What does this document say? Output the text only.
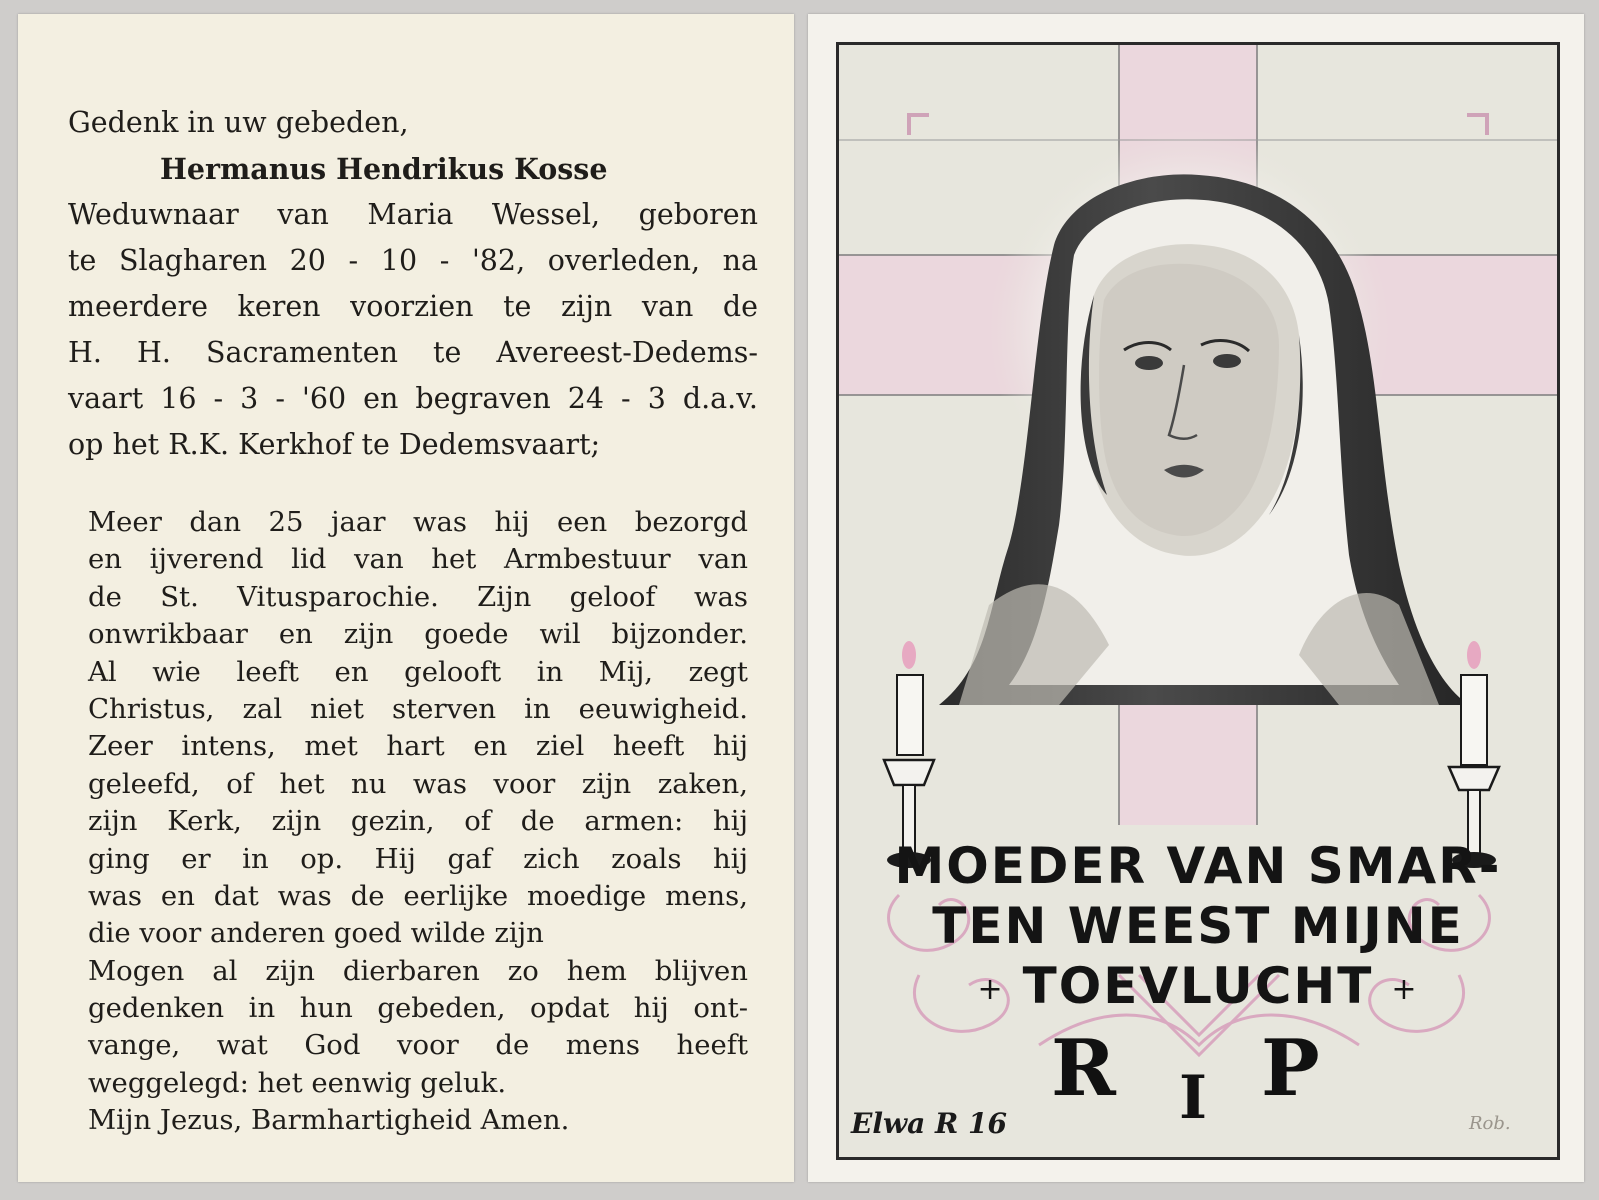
Gedenk in uw gebeden,
Hermanus Hendrikus Kosse
Weduwnaar van Maria Wessel, geboren
te Slagharen 20 - 10 - '82, overleden, na
meerdere keren voorzien te zijn van de
H. H. Sacramenten te Avereest-Dedems-
vaart 16 - 3 - '60 en begraven 24 - 3 d.a.v.
op het R.K. Kerkhof te Dedemsvaart;
Meer dan 25 jaar was hij een bezorgd
en ijverend lid van het Armbestuur van
de St. Vitusparochie. Zijn geloof was
onwrikbaar en zijn goede wil bijzonder.
Al wie leeft en gelooft in Mij, zegt
Christus, zal niet sterven in eeuwigheid.
Zeer intens, met hart en ziel heeft hij
geleefd, of het nu was voor zijn zaken,
zijn Kerk, zijn gezin, of de armen: hij
ging er in op. Hij gaf zich zoals hij
was en dat was de eerlijke moedige mens,
die voor anderen goed wilde zijn
Mogen al zijn dierbaren zo hem blijven
gedenken in hun gebeden, opdat hij ont-
vange, wat God voor de mens heeft
weggelegd: het eenwig geluk.
Mijn Jezus, Barmhartigheid Amen.
MOEDER VAN SMAR-
TEN WEEST MIJNE
+ TOEVLUCHT +
R I P
Elwa R 16	Rob.
